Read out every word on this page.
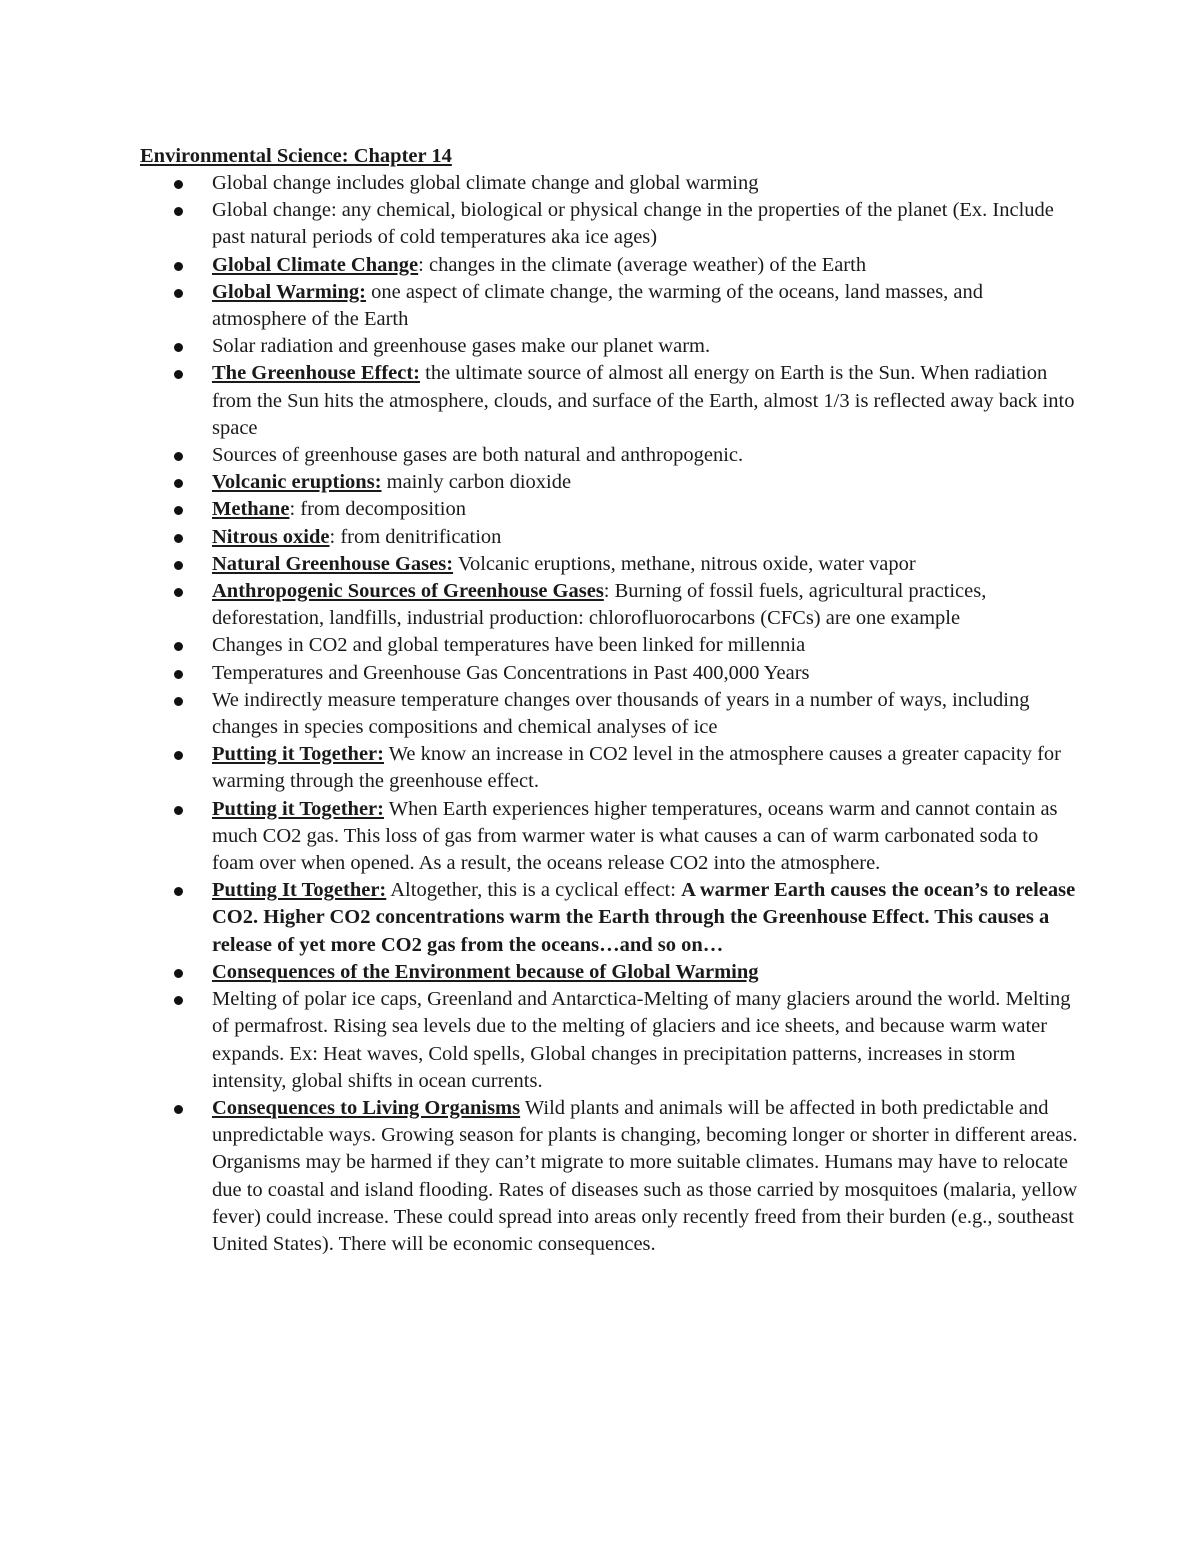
Environmental Science: Chapter 14
Global change includes global climate change and global warming
Global change: any chemical, biological or physical change in the properties of the planet (Ex. Include past natural periods of cold temperatures aka ice ages)
Global Climate Change: changes in the climate (average weather) of the Earth
Global Warming: one aspect of climate change, the warming of the oceans, land masses, and atmosphere of the Earth
Solar radiation and greenhouse gases make our planet warm.
The Greenhouse Effect: the ultimate source of almost all energy on Earth is the Sun. When radiation from the Sun hits the atmosphere, clouds, and surface of the Earth, almost 1/3 is reflected away back into space
Sources of greenhouse gases are both natural and anthropogenic.
Volcanic eruptions: mainly carbon dioxide
Methane: from decomposition
Nitrous oxide: from denitrification
Natural Greenhouse Gases: Volcanic eruptions, methane, nitrous oxide, water vapor
Anthropogenic Sources of Greenhouse Gases: Burning of fossil fuels, agricultural practices, deforestation, landfills, industrial production: chlorofluorocarbons (CFCs) are one example
Changes in CO2 and global temperatures have been linked for millennia
Temperatures and Greenhouse Gas Concentrations in Past 400,000 Years
We indirectly measure temperature changes over thousands of years in a number of ways, including changes in species compositions and chemical analyses of ice
Putting it Together: We know an increase in CO2 level in the atmosphere causes a greater capacity for warming through the greenhouse effect.
Putting it Together: When Earth experiences higher temperatures, oceans warm and cannot contain as much CO2 gas. This loss of gas from warmer water is what causes a can of warm carbonated soda to foam over when opened. As a result, the oceans release CO2 into the atmosphere.
Putting It Together: Altogether, this is a cyclical effect: A warmer Earth causes the ocean’s to release CO2. Higher CO2 concentrations warm the Earth through the Greenhouse Effect. This causes a release of yet more CO2 gas from the oceans…and so on…
Consequences of the Environment because of Global Warming
Melting of polar ice caps, Greenland and Antarctica-Melting of many glaciers around the world. Melting of permafrost. Rising sea levels due to the melting of glaciers and ice sheets, and because warm water expands. Ex: Heat waves, Cold spells, Global changes in precipitation patterns, increases in storm intensity, global shifts in ocean currents.
Consequences to Living Organisms Wild plants and animals will be affected in both predictable and unpredictable ways. Growing season for plants is changing, becoming longer or shorter in different areas. Organisms may be harmed if they can’t migrate to more suitable climates. Humans may have to relocate due to coastal and island flooding. Rates of diseases such as those carried by mosquitoes (malaria, yellow fever) could increase. These could spread into areas only recently freed from their burden (e.g., southeast United States). There will be economic consequences.
